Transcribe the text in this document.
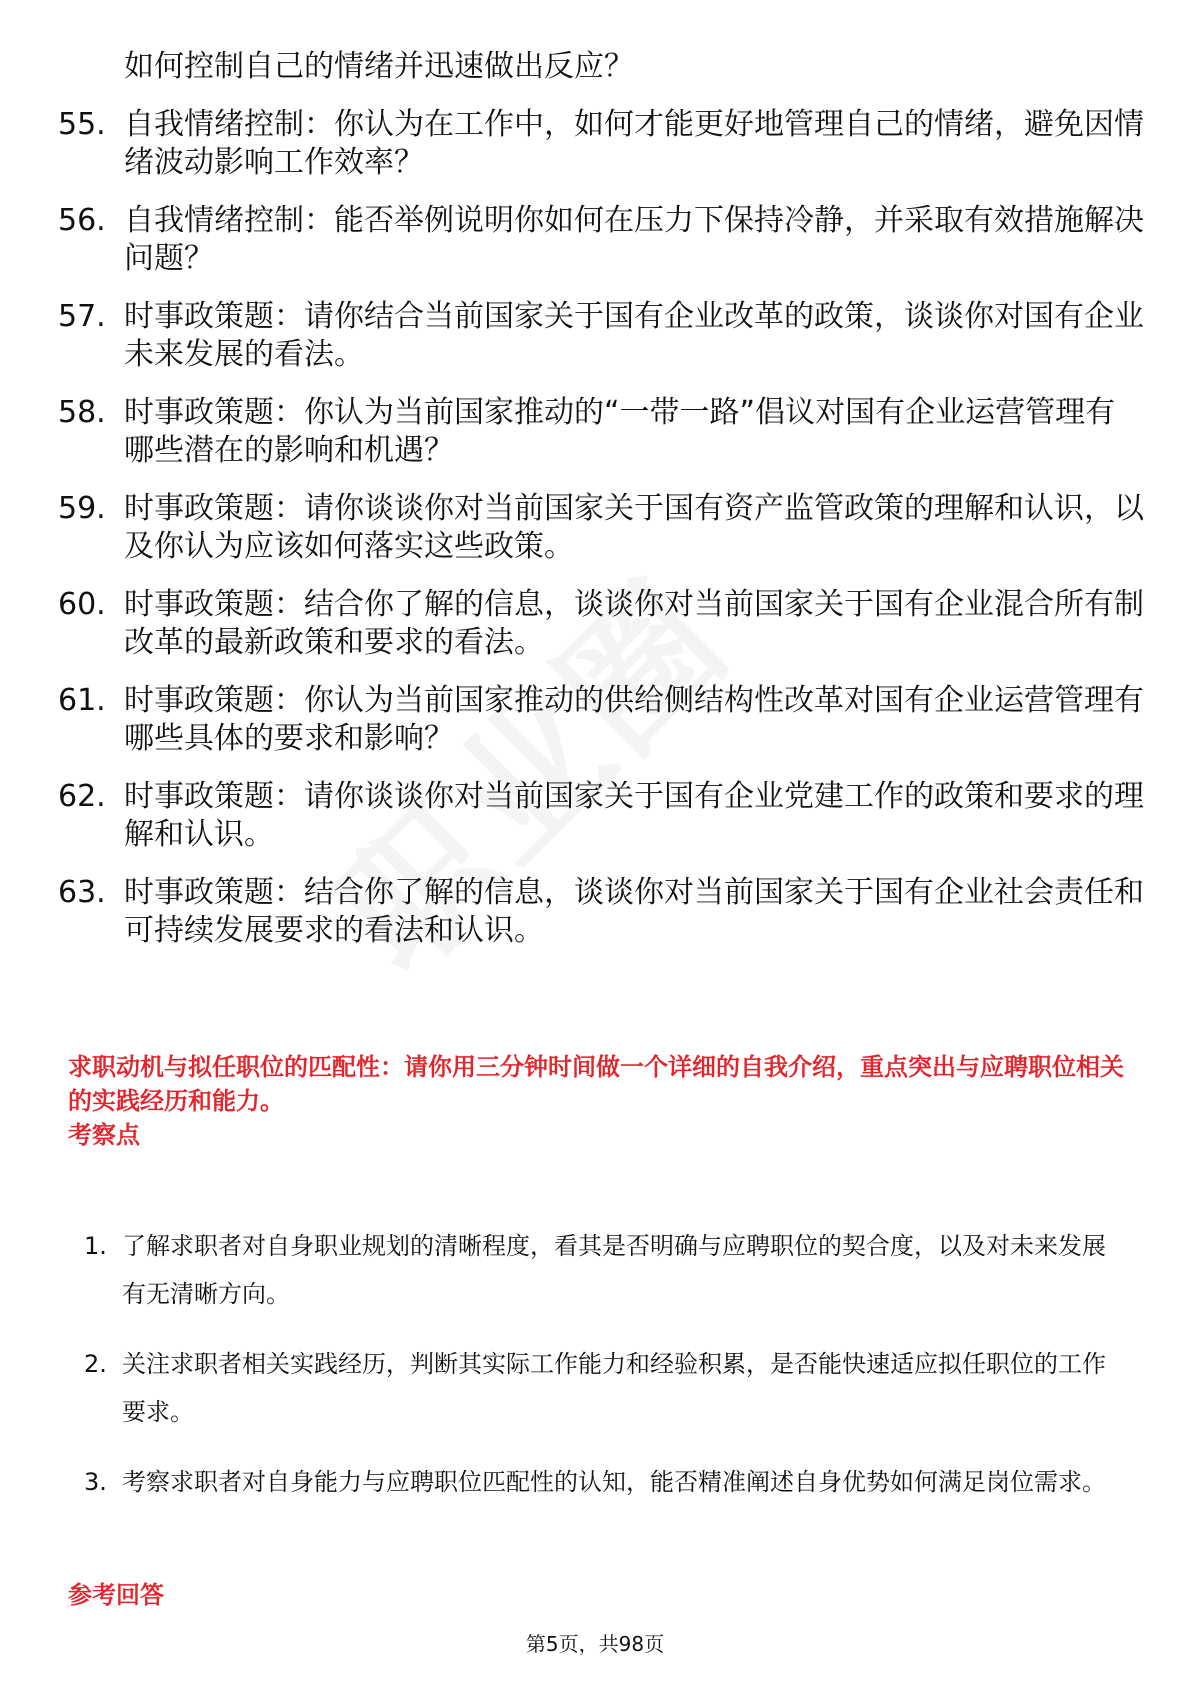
如何控制自己的情绪并迅速做出反应？
55. 自我情绪控制：你认为在工作中，如何才能更好地管理自己的情绪，避免因情绪波动影响工作效率？
56. 自我情绪控制：能否举例说明你如何在压力下保持冷静，并采取有效措施解决问题？
57. 时事政策题：请你结合当前国家关于国有企业改革的政策，谈谈你对国有企业未来发展的看法。
58. 时事政策题：你认为当前国家推动的“一带一路”倡议对国有企业运营管理有哪些潜在的影响和机遇？
59. 时事政策题：请你谈谈你对当前国家关于国有资产监管政策的理解和认识，以及你认为应该如何落实这些政策。
60. 时事政策题：结合你了解的信息，谈谈你对当前国家关于国有企业混合所有制改革的最新政策和要求的看法。
61. 时事政策题：你认为当前国家推动的供给侧结构性改革对国有企业运营管理有哪些具体的要求和影响？
62. 时事政策题：请你谈谈你对当前国家关于国有企业党建工作的政策和要求的理解和认识。
63. 时事政策题：结合你了解的信息，谈谈你对当前国家关于国有企业社会责任和可持续发展要求的看法和认识。
求职动机与拟任职位的匹配性：请你用三分钟时间做一个详细的自我介绍，重点突出与应聘职位相关的实践经历和能力。
考察点
1. 了解求职者对自身职业规划的清晰程度，看其是否明确与应聘职位的契合度，以及对未来发展有无清晰方向。
2. 关注求职者相关实践经历，判断其实际工作能力和经验积累，是否能快速适应拟任职位的工作要求。
3. 考察求职者对自身能力与应聘职位匹配性的认知，能否精准阐述自身优势如何满足岗位需求。
参考回答
第5页，共98页
